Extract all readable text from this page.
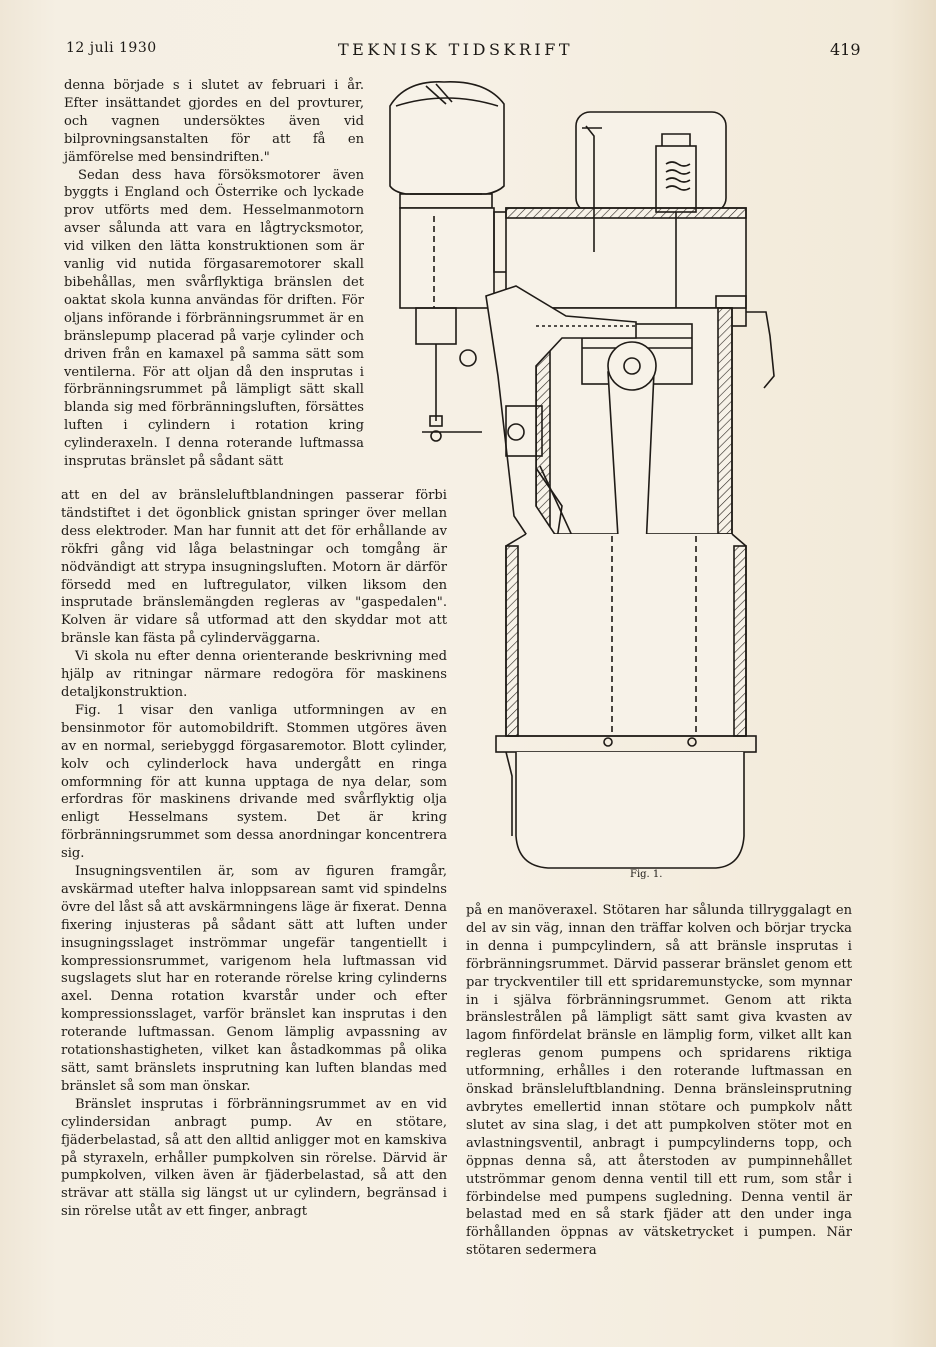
12 juli 1930	TEKNISK TIDSKRIFT	419

denna började s i slutet av februari i år. Efter insättandet gjordes en del provturer, och vagnen undersöktes även vid bilprovningsanstalten för att få en jämförelse med bensindriften."

Sedan dess hava försöksmotorer även byggts i England och Österrike och lyckade prov utförts med dem. Hesselmanmotorn avser sålunda att vara en lågtrycksmotor, vid vilken den lätta konstruktionen som är vanlig vid nutida förgasaremotorer skall bibehållas, men svårflyktiga bränslen det oaktat skola kunna användas för driften. För oljans införande i förbränningsrummet är en bränslepump placerad på varje cylinder och driven från en kamaxel på samma sätt som ventilerna. För att oljan då den insprutas i förbränningsrummet på lämpligt sätt skall blanda sig med förbränningsluften, försättes luften i cylindern i rotation kring cylinderaxeln. I denna roterande luftmassa insprutas bränslet på sådant sätt

att en del av bränsleluftblandningen passerar förbi tändstiftet i det ögonblick gnistan springer över mellan dess elektroder. Man har funnit att det för erhållande av rökfri gång vid låga belastningar och tomgång är nödvändigt att strypa insugningsluften. Motorn är därför försedd med en luftregulator, vilken liksom den insprutade bränslemängden regleras av "gaspedalen". Kolven är vidare så utformad att den skyddar mot att bränsle kan fästa på cylinderväggarna.

Vi skola nu efter denna orienterande beskrivning med hjälp av ritningar närmare redogöra för maskinens detaljkonstruktion.

Fig. 1 visar den vanliga utformningen av en bensinmotor för automobildrift. Stommen utgöres även av en normal, seriebyggd förgasaremotor. Blott cylinder, kolv och cylinderlock hava undergått en ringa omformning för att kunna upptaga de nya delar, som erfordras för maskinens drivande med svårflyktig olja enligt Hesselmans system. Det är kring förbränningsrummet som dessa anordningar koncentrera sig.

Insugningsventilen är, som av figuren framgår, avskärmad utefter halva inloppsarean samt vid spindelns övre del låst så att avskärmningens läge är fixerat. Denna fixering injusteras på sådant sätt att luften under insugningsslaget inströmmar ungefär tangentiellt i kompressionsrummet, varigenom hela luftmassan vid sugslagets slut har en roterande rörelse kring cylinderns axel. Denna rotation kvarstår under och efter kompressionsslaget, varför bränslet kan insprutas i den roterande luftmassan. Genom lämplig avpassning av rotationshastigheten, vilket kan åstadkommas på olika sätt, samt bränslets insprutning kan luften blandas med bränslet så som man önskar.

Bränslet insprutas i förbränningsrummet av en vid cylindersidan anbragt pump. Av en stötare, fjäderbelastad, så att den alltid anligger mot en kamskiva på styraxeln, erhåller pumpkolven sin rörelse. Därvid är pumpkolven, vilken även är fjäderbelastad, så att den strävar att ställa sig längst ut ur cylindern, begränsad i sin rörelse utåt av ett finger, anbragt

på en manöveraxel. Stötaren har sålunda tillryggalagt en del av sin väg, innan den träffar kolven och börjar trycka in denna i pumpcylindern, så att bränsle insprutas i förbränningsrummet. Därvid passerar bränslet genom ett par tryckventiler till ett spridaremunstycke, som mynnar in i själva förbränningsrummet. Genom att rikta bränslestrålen på lämpligt sätt samt giva kvasten av lagom finfördelat bränsle en lämplig form, vilket allt kan regleras genom pumpens och spridarens riktiga utformning, erhålles i den roterande luftmassan en önskad bränsleluftblandning. Denna bränsleinsprutning avbrytes emellertid innan stötare och pumpkolv nått slutet av sina slag, i det att pumpkolven stöter mot en avlastningsventil, anbragt i pumpcylinderns topp, och öppnas denna så, att återstoden av pumpinnehållet utströmmar genom denna ventil till ett rum, som står i förbindelse med pumpens sugledning. Denna ventil är belastad med en så stark fjäder att den under inga förhållanden öppnas av vätsketrycket i pumpen. När stötaren sedermera

Fig. 1.
